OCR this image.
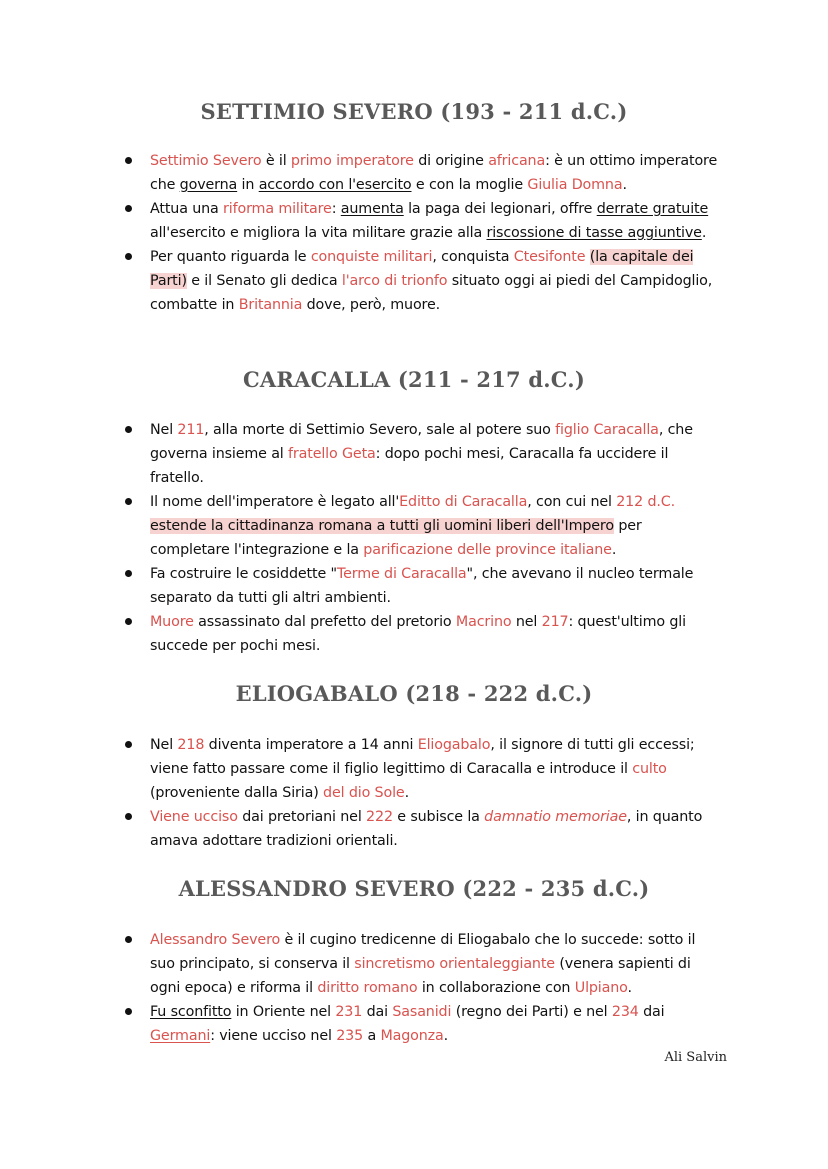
SETTIMIO SEVERO (193 - 211 d.C.)
Settimio Severo è il primo imperatore di origine africana: è un ottimo imperatore che governa in accordo con l'esercito e con la moglie Giulia Domna.
Attua una riforma militare: aumenta la paga dei legionari, offre derrate gratuite all'esercito e migliora la vita militare grazie alla riscossione di tasse aggiuntive.
Per quanto riguarda le conquiste militari, conquista Ctesifonte (la capitale dei Parti) e il Senato gli dedica l'arco di trionfo situato oggi ai piedi del Campidoglio, combatte in Britannia dove, però, muore.
CARACALLA (211 - 217 d.C.)
Nel 211, alla morte di Settimio Severo, sale al potere suo figlio Caracalla, che governa insieme al fratello Geta: dopo pochi mesi, Caracalla fa uccidere il fratello.
Il nome dell'imperatore è legato all'Editto di Caracalla, con cui nel 212 d.C. estende la cittadinanza romana a tutti gli uomini liberi dell'Impero per completare l'integrazione e la parificazione delle province italiane.
Fa costruire le cosiddette "Terme di Caracalla", che avevano il nucleo termale separato da tutti gli altri ambienti.
Muore assassinato dal prefetto del pretorio Macrino nel 217: quest'ultimo gli succede per pochi mesi.
ELIOGABALO (218 - 222 d.C.)
Nel 218 diventa imperatore a 14 anni Eliogabalo, il signore di tutti gli eccessi; viene fatto passare come il figlio legittimo di Caracalla e introduce il culto (proveniente dalla Siria) del dio Sole.
Viene ucciso dai pretoriani nel 222 e subisce la damnatio memoriae, in quanto amava adottare tradizioni orientali.
ALESSANDRO SEVERO (222 - 235 d.C.)
Alessandro Severo è il cugino tredicenne di Eliogabalo che lo succede: sotto il suo principato, si conserva il sincretismo orientaleggiante (venera sapienti di ogni epoca) e riforma il diritto romano in collaborazione con Ulpiano.
Fu sconfitto in Oriente nel 231 dai Sasanidi (regno dei Parti) e nel 234 dai Germani: viene ucciso nel 235 a Magonza.
Ali Salvin
